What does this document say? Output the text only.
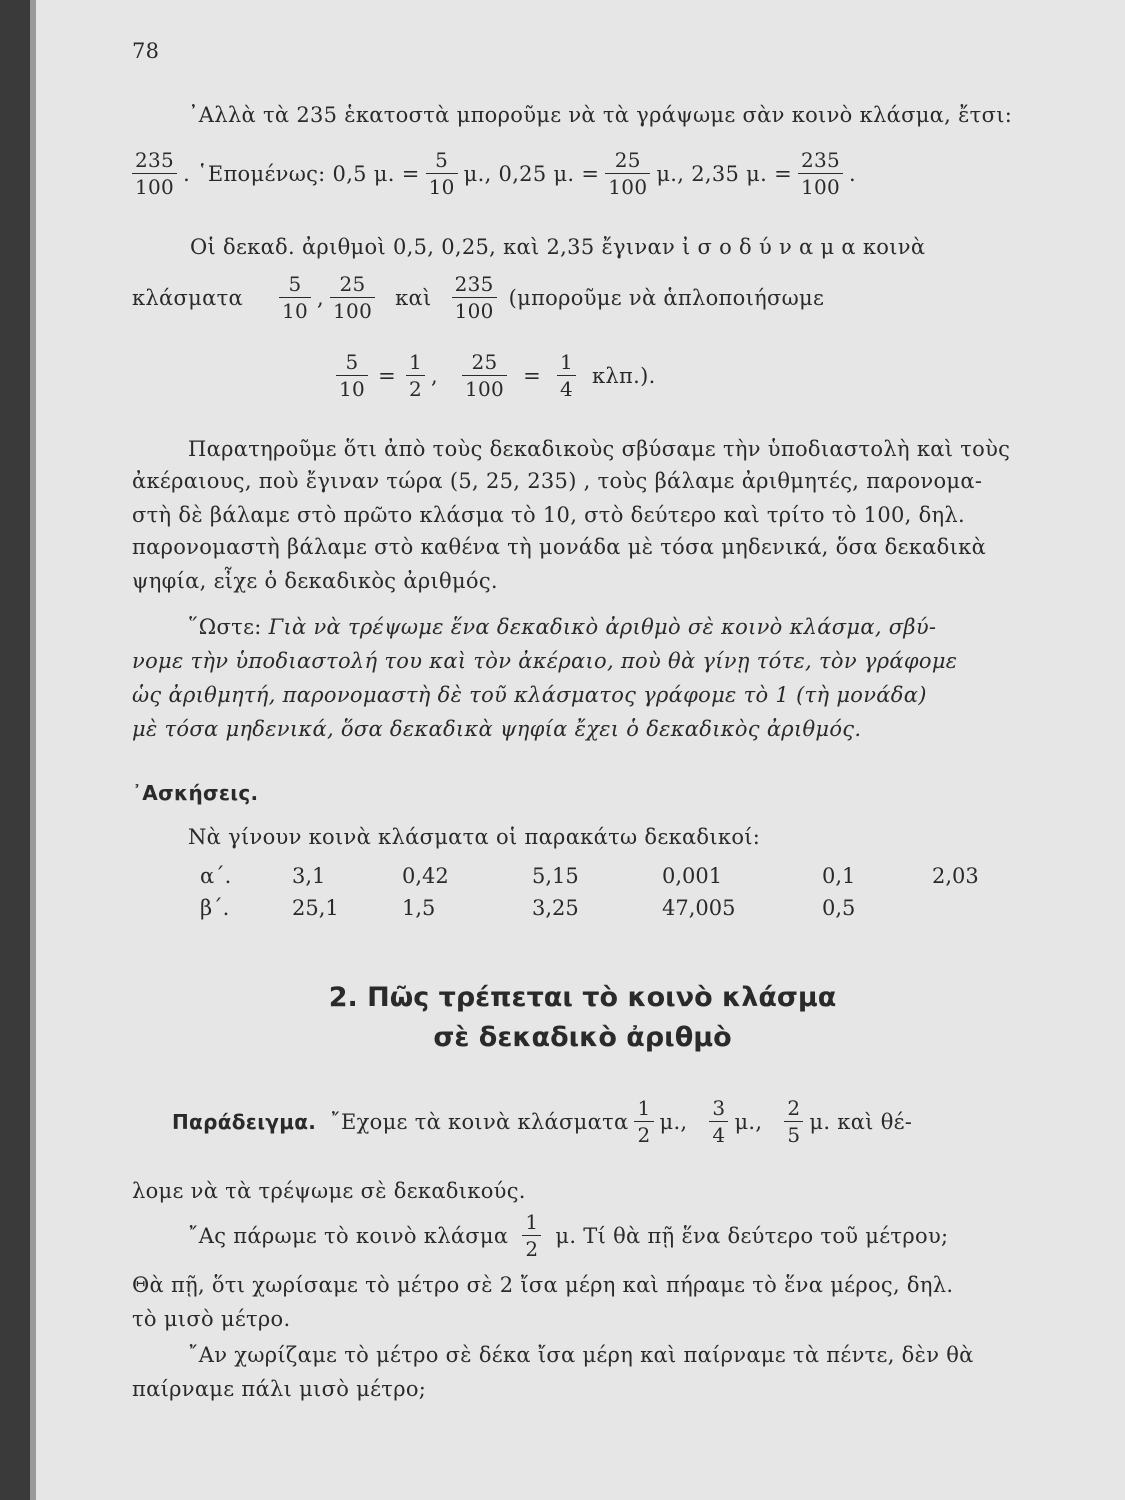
78
᾿Αλλὰ τὰ 235 ἑκατοστὰ μποροῦμε νὰ τὰ γράψωμε σὰν κοινὸ κλάσμα, ἔτσι:
$\frac{235}{100}$ . ῾Επομένως: 0,5 μ. = $\frac{5}{10} \mu$., 0,25 μ. = $\frac{25}{100} \mu$., 2,35 μ. = $\frac{235}{100}$ .
Οἱ δεκαδ. ἀριθμοὶ 0,5, 0,25, καὶ 2,35 ἔγιναν ἰ σ ο δ ύ ν α μ α κοινὰ
κλάσματα $\frac{5}{10}$ , $\frac{25}{100}$ καὶ $\frac{235}{100}$ (μποροῦμε νὰ ἁπλοποιήσωμε
$\frac{5}{10} = \frac{1}{2}$ , $\frac{25}{100} = \frac{1}{4} \kappa\lambda\pi$.).
Παρατηροῦμε ὅτι ἀπὸ τοὺς δεκαδικοὺς σβύσαμε τὴν ὑποδιαστολὴ καὶ τοὺς
ἀκέραιους, ποὺ ἔγιναν τώρα (5, 25, 235) , τοὺς βάλαμε ἀριθμητές, παρονομα-
στὴ δὲ βάλαμε στὸ πρῶτο κλάσμα τὸ 10, στὸ δεύτερο καὶ τρίτο τὸ 100, δηλ.
παρονομαστὴ βάλαμε στὸ καθένα τὴ μονάδα μὲ τόσα μηδενικά, ὅσα δεκαδικὰ
ψηφία, εἶχε ὁ δεκαδικὸς ἀριθμός.
῞Ωστε: Γιὰ νὰ τρέψωμε ἕνα δεκαδικὸ ἀριθμὸ σὲ κοινὸ κλάσμα, σβύ-
νομε τὴν ὑποδιαστολή του καὶ τὸν ἀκέραιο, ποὺ θὰ γίνῃ τότε, τὸν γράφομε
ὡς ἀριθμητή, παρονομαστὴ δὲ τοῦ κλάσματος γράφομε τὸ 1 (τὴ μονάδα)
μὲ τόσα μηδενικά, ὅσα δεκαδικὰ ψηφία ἔχει ὁ δεκαδικὸς ἀριθμός.
᾿Ασκήσεις.
Νὰ γίνουν κοινὰ κλάσματα οἱ παρακάτω δεκαδικοί:
α΄.	3,1	0,42	5,15	0,001	0,1	2,03
β΄.	25,1	1,5	3,25	47,005	0,5	
2. Πῶς τρέπεται τὸ κοινὸ κλάσμα
σὲ δεκαδικὸ ἀριθμὸ
Παράδειγμα. ῎Εχομε τὰ κοινὰ κλάσματα $\frac{1}{2} \mu$., $\frac{3}{4} \mu$., $\frac{2}{5} \mu$. καὶ θέ-
λομε νὰ τὰ τρέψωμε σὲ δεκαδικούς.
῎Ας πάρωμε τὸ κοινὸ κλάσμα $\frac{1}{2} \mu$. Τί θὰ πῇ ἕνα δεύτερο τοῦ μέτρου;
Θὰ πῇ, ὅτι χωρίσαμε τὸ μέτρο σὲ 2 ἴσα μέρη καὶ πήραμε τὸ ἕνα μέρος, δηλ.
τὸ μισὸ μέτρο.
῎Αν χωρίζαμε τὸ μέτρο σὲ δέκα ἴσα μέρη καὶ παίρναμε τὰ πέντε, δὲν θὰ
παίρναμε πάλι μισὸ μέτρο;
